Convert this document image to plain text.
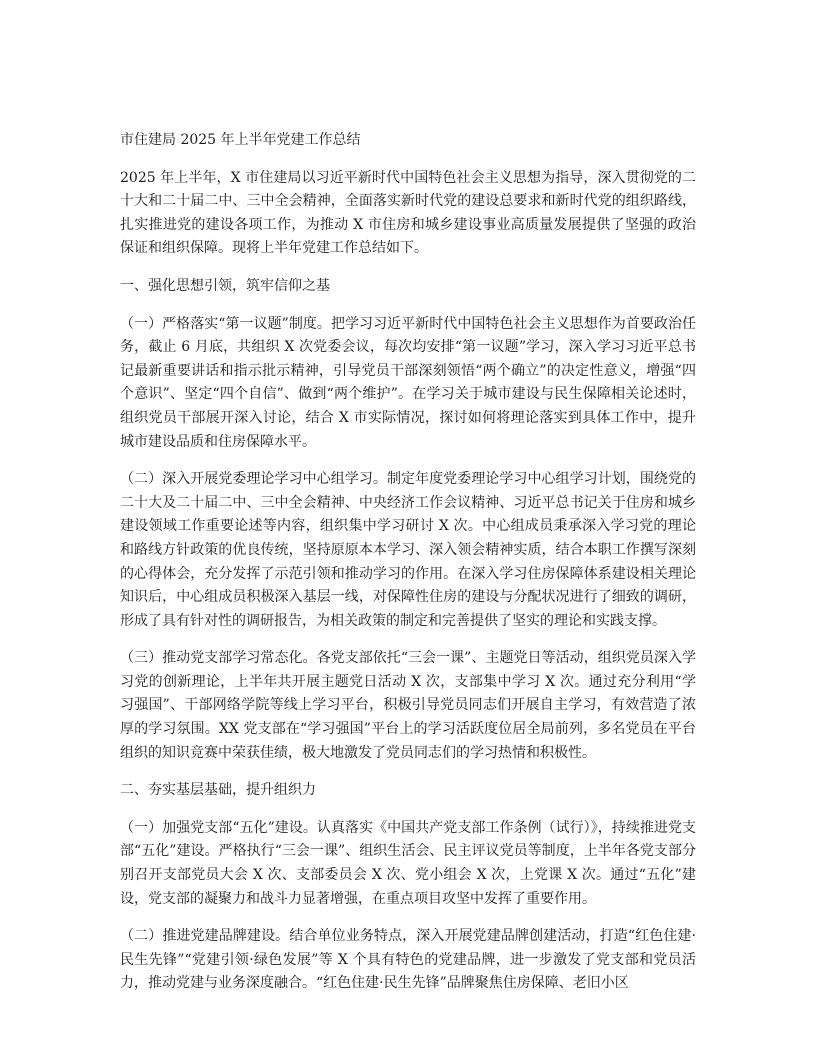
市住建局 2025 年上半年党建工作总结

2025 年上半年，X 市住建局以习近平新时代中国特色社会主义思想为指导，深入贯彻党的二十大和二十届二中、三中全会精神，全面落实新时代党的建设总要求和新时代党的组织路线，扎实推进党的建设各项工作，为推动 X 市住房和城乡建设事业高质量发展提供了坚强的政治保证和组织保障。现将上半年党建工作总结如下。

一、强化思想引领，筑牢信仰之基

（一）严格落实“第一议题”制度。把学习习近平新时代中国特色社会主义思想作为首要政治任务，截止 6 月底，共组织 X 次党委会议，每次均安排“第一议题”学习，深入学习习近平总书记最新重要讲话和指示批示精神，引导党员干部深刻领悟“两个确立”的决定性意义，增强“四个意识”、坚定“四个自信”、做到“两个维护”。在学习关于城市建设与民生保障相关论述时，组织党员干部展开深入讨论，结合 X 市实际情况，探讨如何将理论落实到具体工作中，提升城市建设品质和住房保障水平。

（二）深入开展党委理论学习中心组学习。制定年度党委理论学习中心组学习计划，围绕党的二十大及二十届二中、三中全会精神、中央经济工作会议精神、习近平总书记关于住房和城乡建设领域工作重要论述等内容，组织集中学习研讨 X 次。中心组成员秉承深入学习党的理论和路线方针政策的优良传统，坚持原原本本学习、深入领会精神实质，结合本职工作撰写深刻的心得体会，充分发挥了示范引领和推动学习的作用。在深入学习住房保障体系建设相关理论知识后，中心组成员积极深入基层一线，对保障性住房的建设与分配状况进行了细致的调研，形成了具有针对性的调研报告，为相关政策的制定和完善提供了坚实的理论和实践支撑。

（三）推动党支部学习常态化。各党支部依托“三会一课”、主题党日等活动，组织党员深入学习党的创新理论，上半年共开展主题党日活动 X 次，支部集中学习 X 次。通过充分利用“学习强国”、干部网络学院等线上学习平台，积极引导党员同志们开展自主学习，有效营造了浓厚的学习氛围。XX 党支部在“学习强国”平台上的学习活跃度位居全局前列，多名党员在平台组织的知识竞赛中荣获佳绩，极大地激发了党员同志们的学习热情和积极性。

二、夯实基层基础，提升组织力

（一）加强党支部“五化”建设。认真落实《中国共产党支部工作条例（试行）》，持续推进党支部“五化”建设。严格执行“三会一课”、组织生活会、民主评议党员等制度，上半年各党支部分别召开支部党员大会 X 次、支部委员会 X 次、党小组会 X 次，上党课 X 次。通过“五化”建设，党支部的凝聚力和战斗力显著增强，在重点项目攻坚中发挥了重要作用。

（二）推进党建品牌建设。结合单位业务特点，深入开展党建品牌创建活动，打造“红色住建·民生先锋”“党建引领·绿色发展”等 X 个具有特色的党建品牌，进一步激发了党支部和党员活力，推动党建与业务深度融合。“红色住建·民生先锋”品牌聚焦住房保障、老旧小区
